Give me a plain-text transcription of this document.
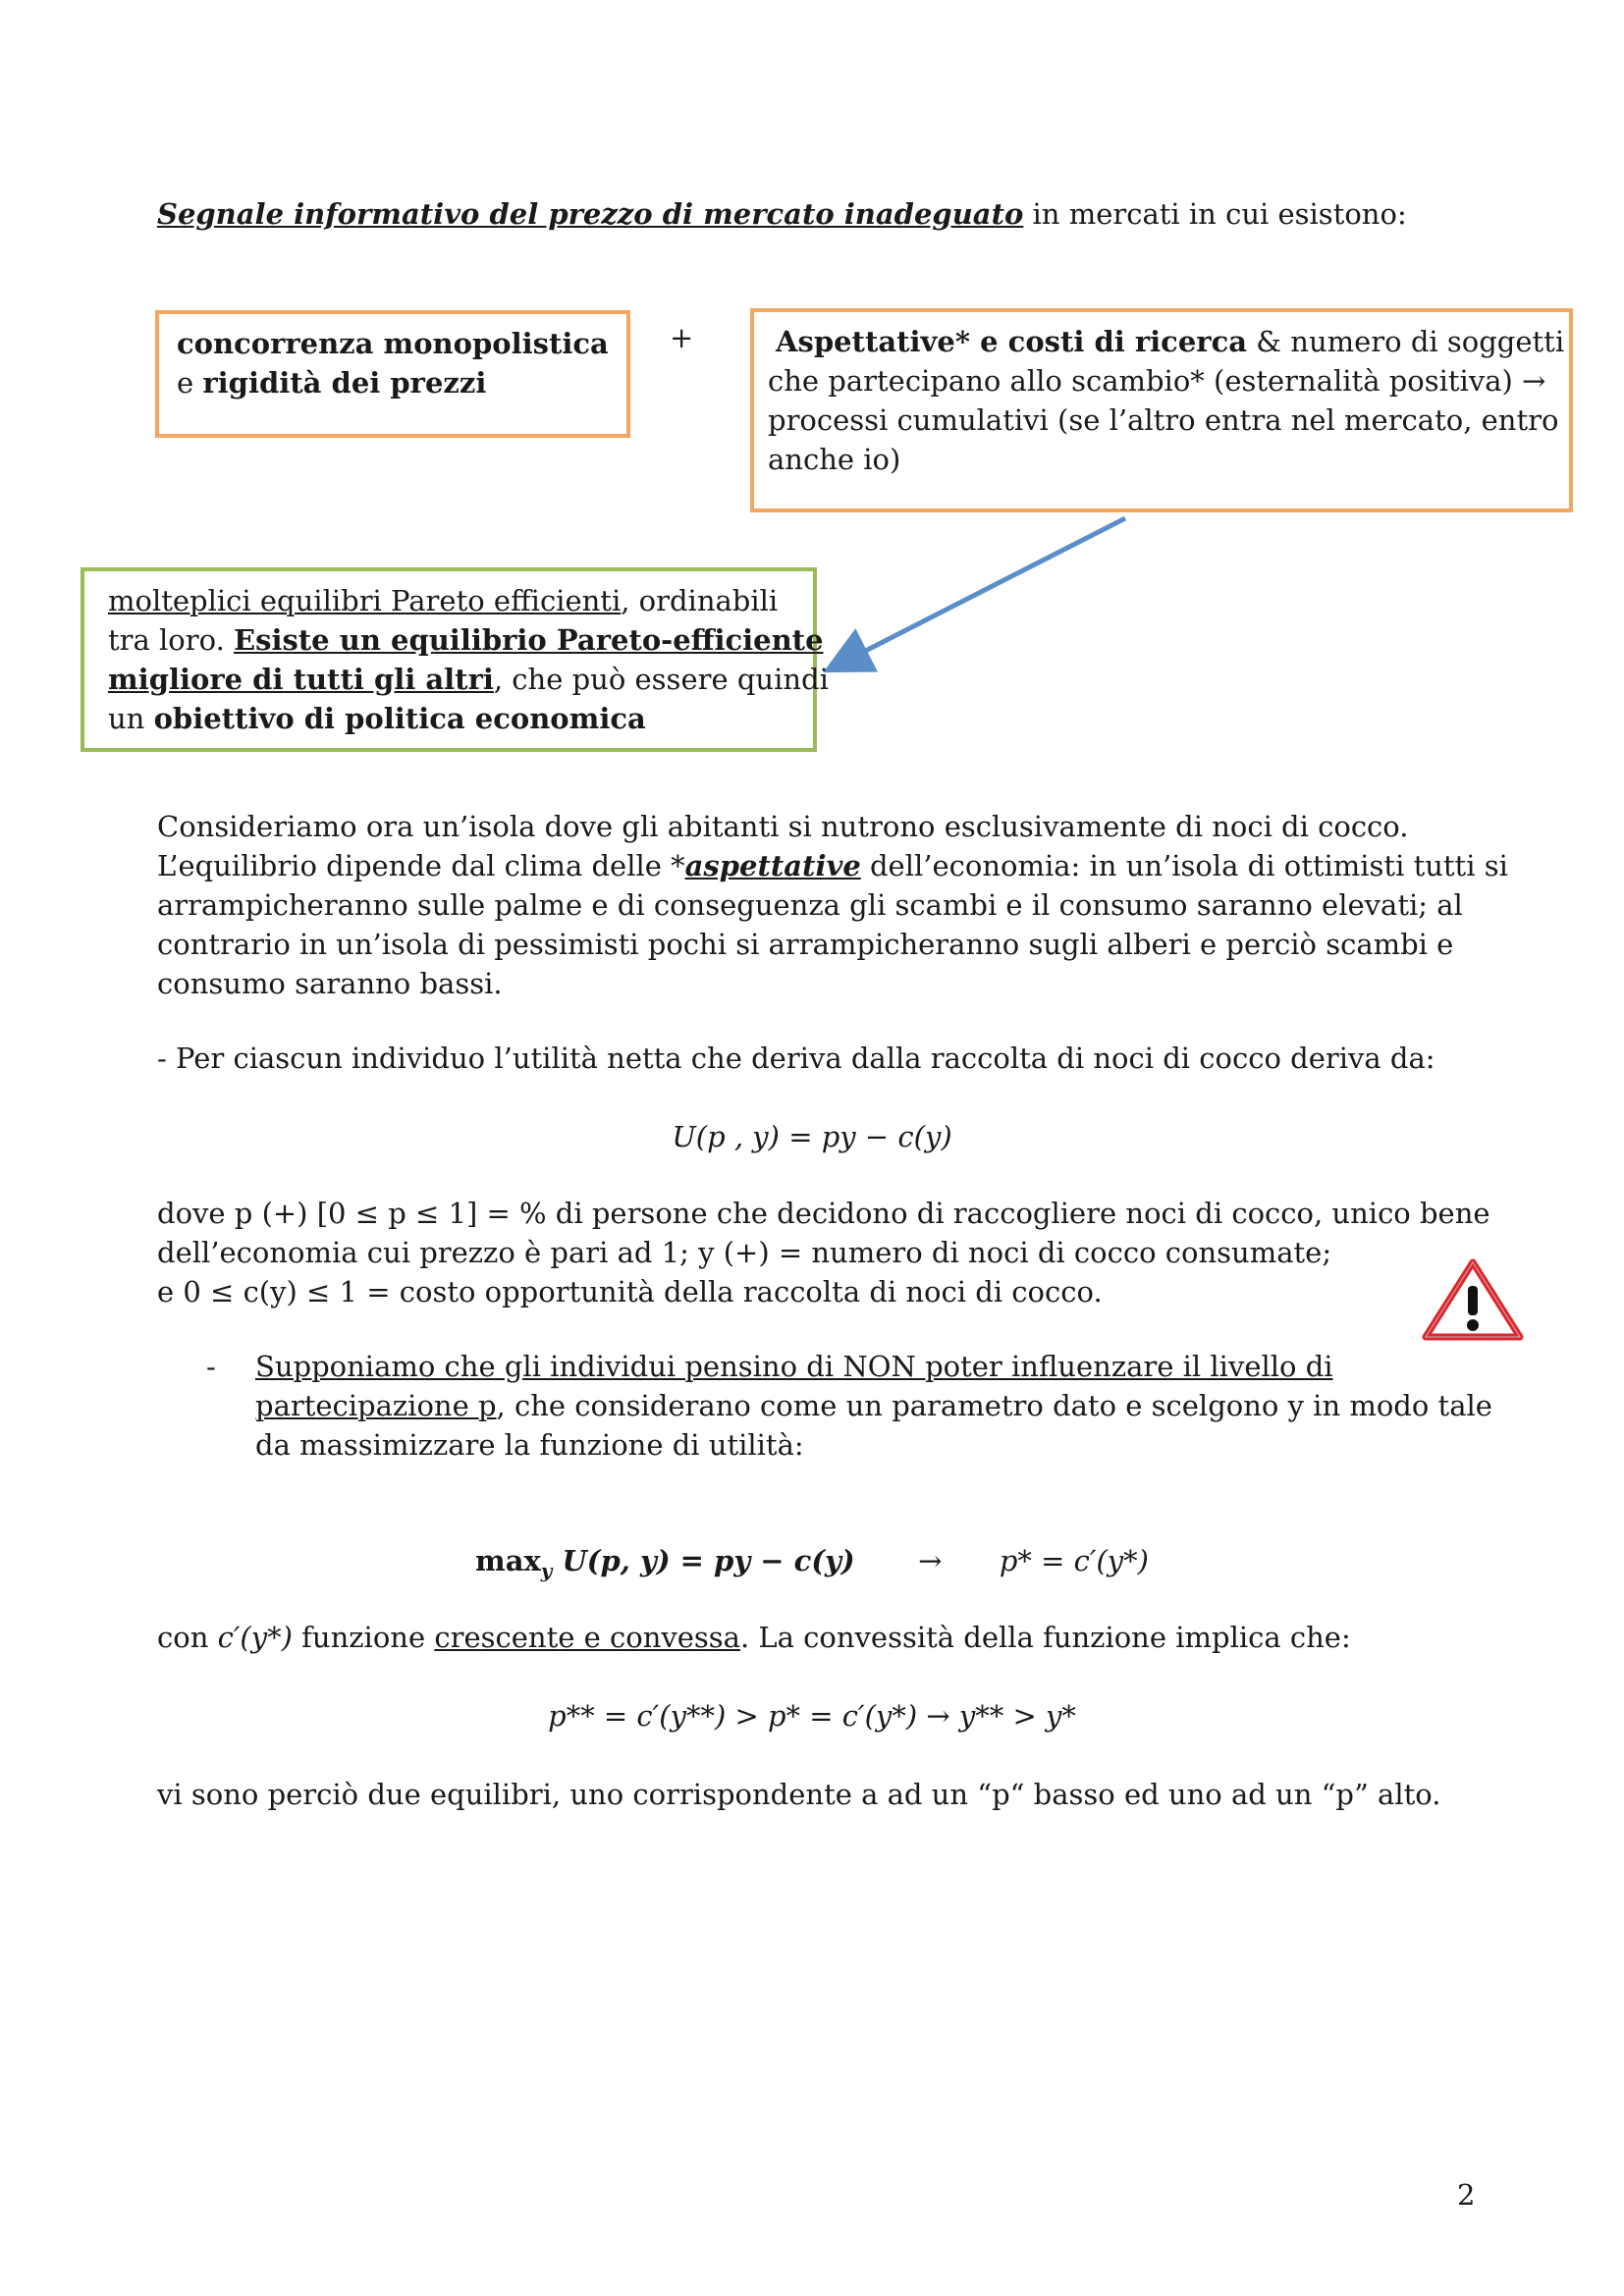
Segnale informativo del prezzo di mercato inadeguato in mercati in cui esistono:
concorrenza monopolistica
e rigidità dei prezzi
+	Aspettative* e costi di ricerca & numero di soggetti
che partecipano allo scambio* (esternalità positiva) →
processi cumulativi (se l’altro entra nel mercato, entro
anche io)
molteplici equilibri Pareto efficienti, ordinabili
tra loro. Esiste un equilibrio Pareto-efficiente
migliore di tutti gli altri, che può essere quindi
un obiettivo di politica economica
Consideriamo ora un’isola dove gli abitanti si nutrono esclusivamente di noci di cocco.
L’equilibrio dipende dal clima delle *aspettative dell’economia: in un’isola di ottimisti tutti si
arrampicheranno sulle palme e di conseguenza gli scambi e il consumo saranno elevati; al
contrario in un’isola di pessimisti pochi si arrampicheranno sugli alberi e perciò scambi e
consumo saranno bassi.
- Per ciascun individuo l’utilità netta che deriva dalla raccolta di noci di cocco deriva da:
U(p , y) = py − c(y)
dove p (+) [0 ≤ p ≤ 1] = % di persone che decidono di raccogliere noci di cocco, unico bene
dell’economia cui prezzo è pari ad 1; y (+) = numero di noci di cocco consumate;
e 0 ≤ c(y) ≤ 1 = costo opportunità della raccolta di noci di cocco.
- Supponiamo che gli individui pensino di NON poter influenzare il livello di
partecipazione p, che considerano come un parametro dato e scelgono y in modo tale
da massimizzare la funzione di utilità:
$\max_y U(p$, y) = py − c(y) → p* = c′(y*)
con c′(y*) funzione crescente e convessa. La convessità della funzione implica che:
p** = c′(y**) > p* = c′(y*) → y** > y*
vi sono perciò due equilibri, uno corrispondente a ad un “p“ basso ed uno ad un “p” alto.
2
